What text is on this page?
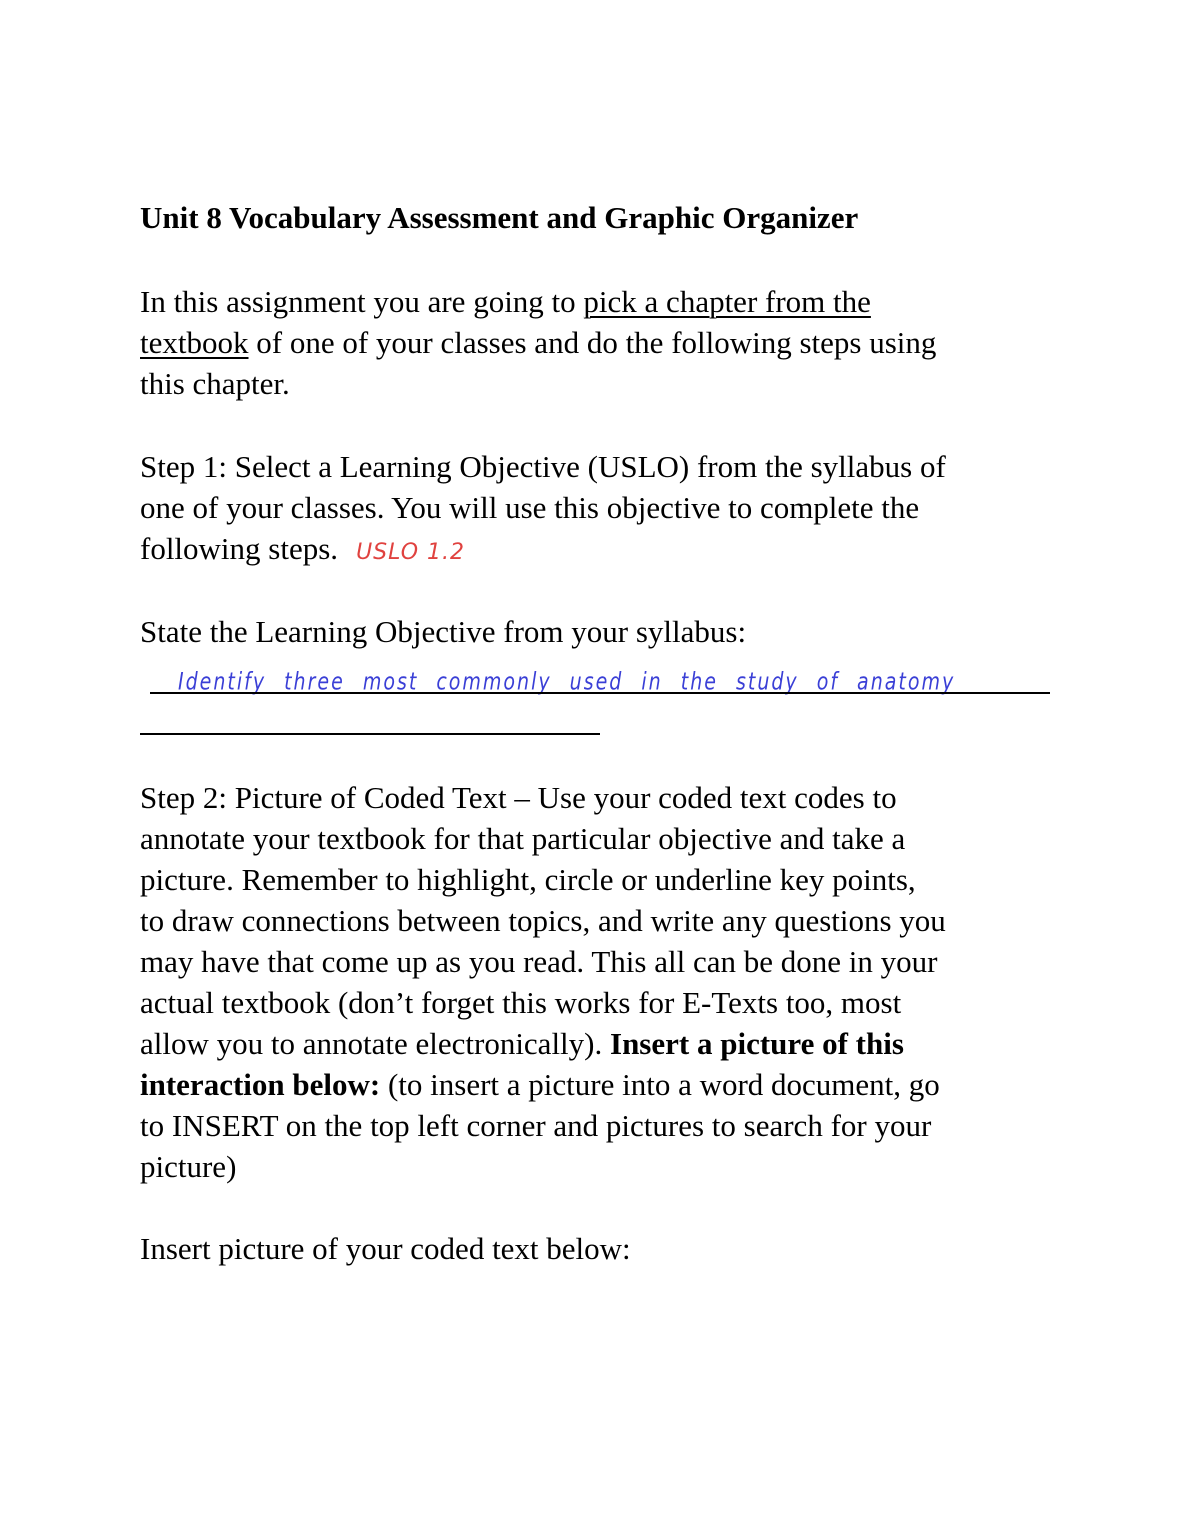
Unit 8 Vocabulary Assessment and Graphic Organizer
In this assignment you are going to pick a chapter from the
textbook of one of your classes and do the following steps using
this chapter.
Step 1: Select a Learning Objective (USLO) from the syllabus of
one of your classes. You will use this objective to complete the
following steps. USLO 1.2
State the Learning Objective from your syllabus:
Identify three most commonly used in the study of anatomy
Step 2: Picture of Coded Text – Use your coded text codes to
annotate your textbook for that particular objective and take a
picture. Remember to highlight, circle or underline key points,
to draw connections between topics, and write any questions you
may have that come up as you read. This all can be done in your
actual textbook (don’t forget this works for E-Texts too, most
allow you to annotate electronically). Insert a picture of this
interaction below: (to insert a picture into a word document, go
to INSERT on the top left corner and pictures to search for your
picture)
Insert picture of your coded text below:
